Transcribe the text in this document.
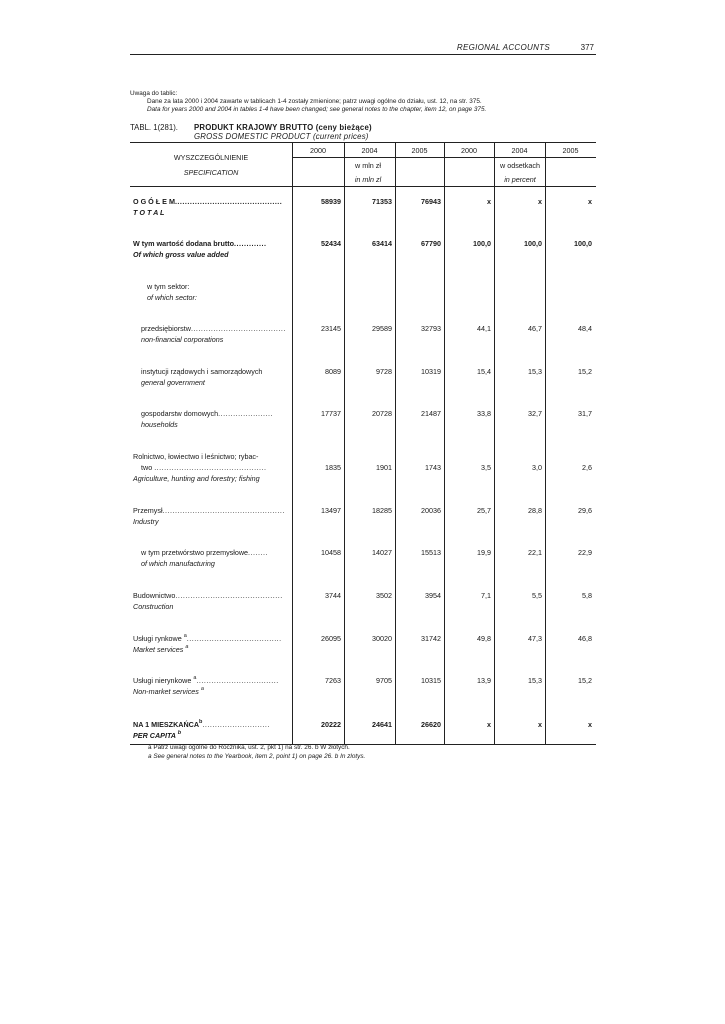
REGIONAL ACCOUNTS	377
Uwaga do tablic:
Dane za lata 2000 i 2004 zawarte w tablicach 1-4 zostały zmienione; patrz uwagi ogólne do działu, ust. 12, na str. 375.
Data for years 2000 and 2004 in tables 1-4 have been changed; see general notes to the chapter, item 12, on page 375.
TABL. 1(281). PRODUKT KRAJOWY BRUTTO (ceny bieżące)
GROSS DOMESTIC PRODUCT (current prices)
WYSZCZEGÓLNIENIE
SPECIFICATION
2000	2004	2005	2000	2004	2005
w mln zł
in mln zl
w odsetkach
in percent
O G Ó Ł E M...........................................
T O T A L
58939	71353	76943	x	x	x
W tym wartość dodana brutto.............
Of which gross value added
52434	63414	67790	100,0	100,0	100,0
w tym sektor:
of which sector:
przedsiębiorstw......................................
non-financial corporations
23145	29589	32793	44,1	46,7	48,4
instytucji rządowych i samorządowych
general government
8089	9728	10319	15,4	15,3	15,2
gospodarstw domowych......................
households
17737	20728	21487	33,8	32,7	31,7
Rolnictwo, łowiectwo i leśnictwo; rybac-
two .............................................
Agriculture, hunting and forestry; fishing
1835	1901	1743	3,5	3,0	2,6
Przemysł.................................................
Industry
13497	18285	20036	25,7	28,8	29,6
w tym przetwórstwo przemysłowe........
of which manufacturing
10458	14027	15513	19,9	22,1	22,9
Budownictwo...........................................
Construction
3744	3502	3954	7,1	5,5	5,8
Usługi rynkowe $^a$......................................
Market services $^a$
26095	30020	31742	49,8	47,3	46,8
Usługi nierynkowe $^a$.................................
Non-market services $^a$
7263	9705	10315	13,9	15,3	15,2
NA 1 MIESZKAŃCA$^b$...........................
PER CAPITA $^b$
20222	24641	26620	x	x	x
a Patrz uwagi ogólne do Rocznika, ust. 2, pkt 1) na str. 26. b W złotych.
a See general notes to the Yearbook, item 2, point 1) on page 26. b In zlotys.
